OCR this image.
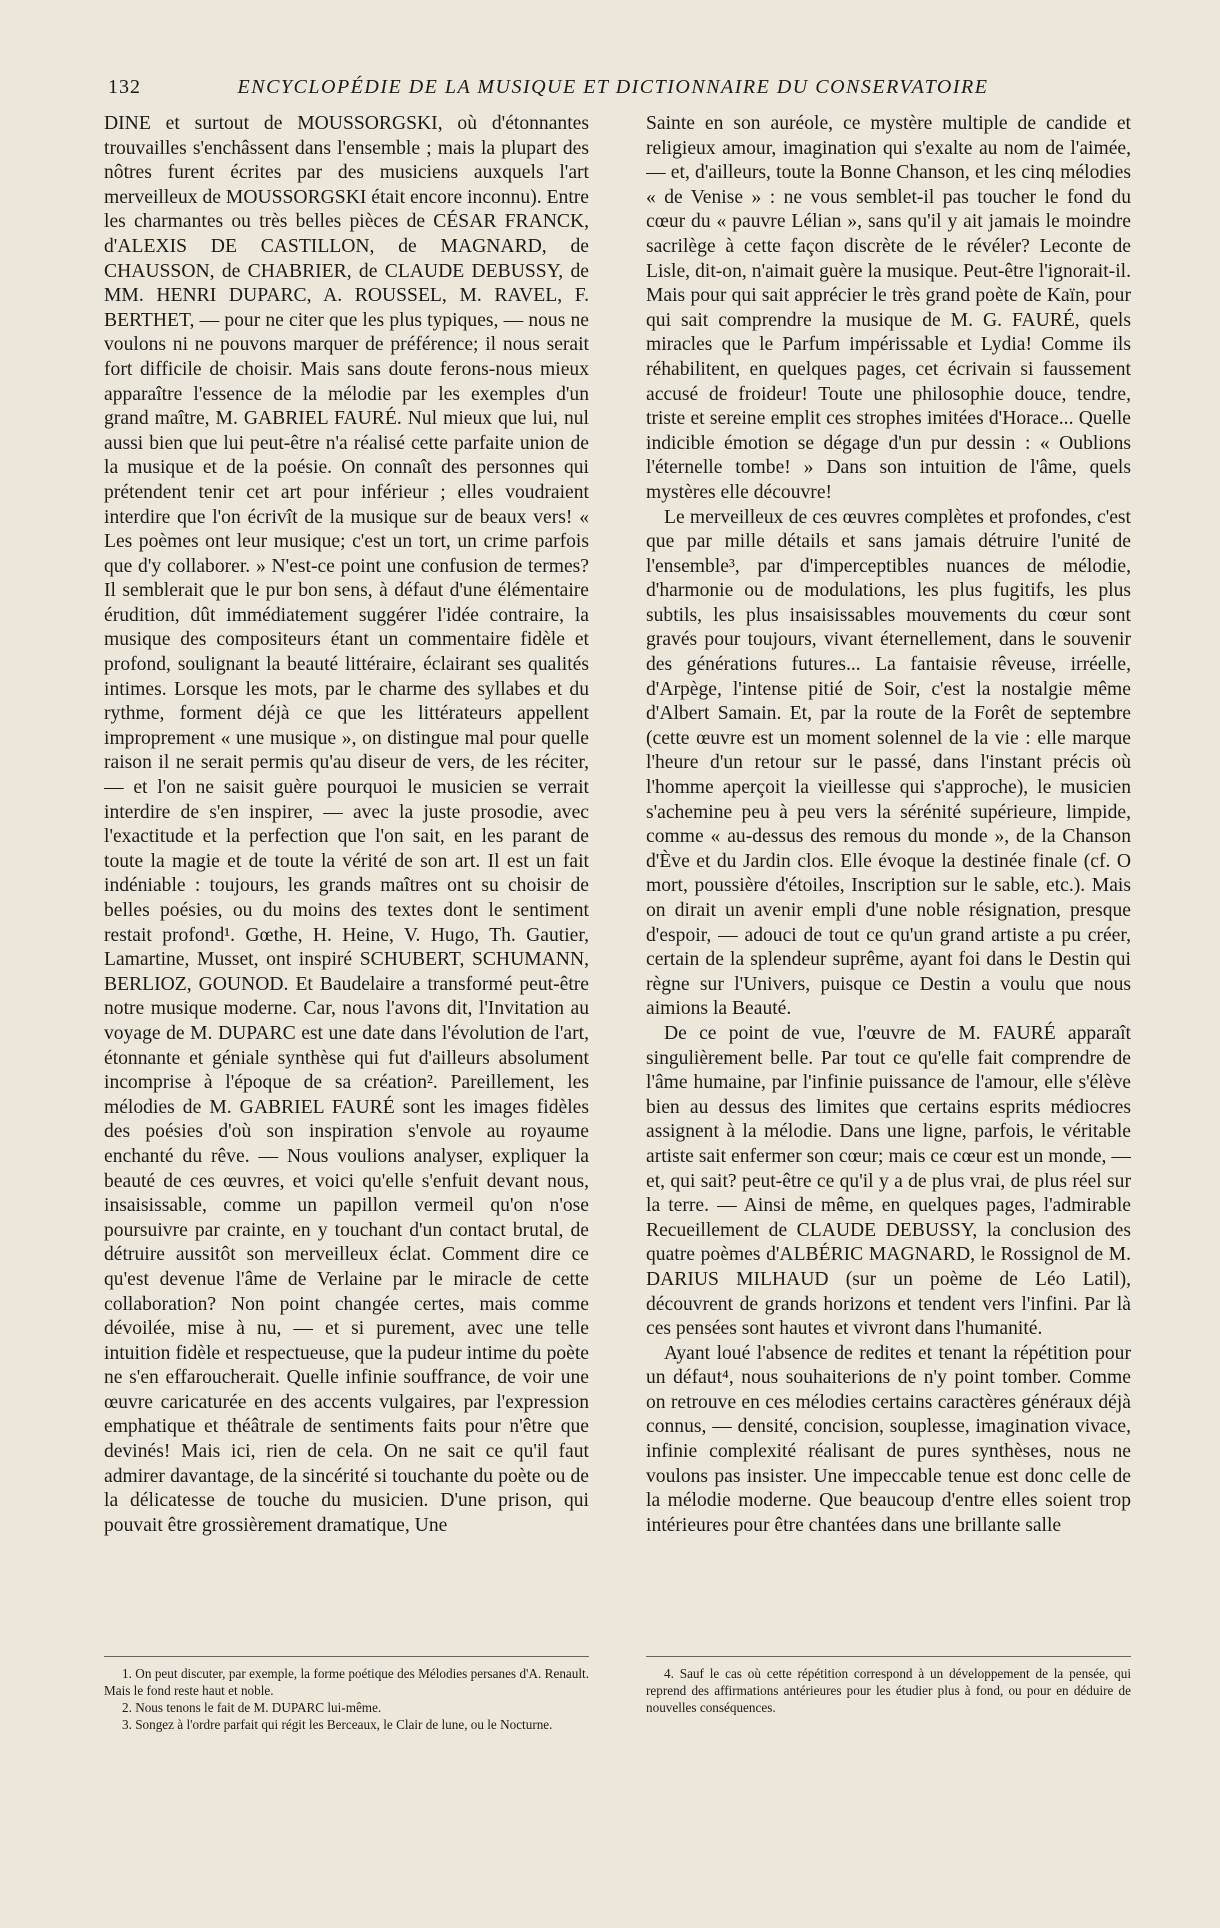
132	ENCYCLOPÉDIE DE LA MUSIQUE ET DICTIONNAIRE DU CONSERVATOIRE

DINE et surtout de MOUSSORGSKI, où d'étonnantes trouvailles s'enchâssent dans l'ensemble ; mais la plupart des nôtres furent écrites par des musiciens auxquels l'art merveilleux de MOUSSORGSKI était encore inconnu). Entre les charmantes ou très belles pièces de CÉSAR FRANCK, d'ALEXIS DE CASTILLON, de MAGNARD, de CHAUSSON, de CHABRIER, de CLAUDE DEBUSSY, de MM. HENRI DUPARC, A. ROUSSEL, M. RAVEL, F. BERTHET, — pour ne citer que les plus typiques, — nous ne voulons ni ne pouvons marquer de préférence; il nous serait fort difficile de choisir. Mais sans doute ferons-nous mieux apparaître l'essence de la mélodie par les exemples d'un grand maître, M. GABRIEL FAURÉ. Nul mieux que lui, nul aussi bien que lui peut-être n'a réalisé cette parfaite union de la musique et de la poésie. On connaît des personnes qui prétendent tenir cet art pour inférieur ; elles voudraient interdire que l'on écrivît de la musique sur de beaux vers! « Les poèmes ont leur musique; c'est un tort, un crime parfois que d'y collaborer. » N'est-ce point une confusion de termes? Il semblerait que le pur bon sens, à défaut d'une élémentaire érudition, dût immédiatement suggérer l'idée contraire, la musique des compositeurs étant un commentaire fidèle et profond, soulignant la beauté littéraire, éclairant ses qualités intimes. Lorsque les mots, par le charme des syllabes et du rythme, forment déjà ce que les littérateurs appellent improprement « une musique », on distingue mal pour quelle raison il ne serait permis qu'au diseur de vers, de les réciter, — et l'on ne saisit guère pourquoi le musicien se verrait interdire de s'en inspirer, — avec la juste prosodie, avec l'exactitude et la perfection que l'on sait, en les parant de toute la magie et de toute la vérité de son art. Il est un fait indéniable : toujours, les grands maîtres ont su choisir de belles poésies, ou du moins des textes dont le sentiment restait profond¹. Gœthe, H. Heine, V. Hugo, Th. Gautier, Lamartine, Musset, ont inspiré SCHUBERT, SCHUMANN, BERLIOZ, GOUNOD. Et Baudelaire a transformé peut-être notre musique moderne. Car, nous l'avons dit, l'Invitation au voyage de M. DUPARC est une date dans l'évolution de l'art, étonnante et géniale synthèse qui fut d'ailleurs absolument incomprise à l'époque de sa création². Pareillement, les mélodies de M. GABRIEL FAURÉ sont les images fidèles des poésies d'où son inspiration s'envole au royaume enchanté du rêve. — Nous voulions analyser, expliquer la beauté de ces œuvres, et voici qu'elle s'enfuit devant nous, insaisissable, comme un papillon vermeil qu'on n'ose poursuivre par crainte, en y touchant d'un contact brutal, de détruire aussitôt son merveilleux éclat. Comment dire ce qu'est devenue l'âme de Verlaine par le miracle de cette collaboration? Non point changée certes, mais comme dévoilée, mise à nu, — et si purement, avec une telle intuition fidèle et respectueuse, que la pudeur intime du poète ne s'en effaroucherait. Quelle infinie souffrance, de voir une œuvre caricaturée en des accents vulgaires, par l'expression emphatique et théâtrale de sentiments faits pour n'être que devinés! Mais ici, rien de cela. On ne sait ce qu'il faut admirer davantage, de la sincérité si touchante du poète ou de la délicatesse de touche du musicien. D'une prison, qui pouvait être grossièrement dramatique, Une

1. On peut discuter, par exemple, la forme poétique des Mélodies persanes d'A. Renault. Mais le fond reste haut et noble.

2. Nous tenons le fait de M. DUPARC lui-même.

3. Songez à l'ordre parfait qui régit les Berceaux, le Clair de lune, ou le Nocturne.

Sainte en son auréole, ce mystère multiple de candide et religieux amour, imagination qui s'exalte au nom de l'aimée, — et, d'ailleurs, toute la Bonne Chanson, et les cinq mélodies « de Venise » : ne vous semblet-il pas toucher le fond du cœur du « pauvre Lélian », sans qu'il y ait jamais le moindre sacrilège à cette façon discrète de le révéler? Leconte de Lisle, dit-on, n'aimait guère la musique. Peut-être l'ignorait-il. Mais pour qui sait apprécier le très grand poète de Kaïn, pour qui sait comprendre la musique de M. G. FAURÉ, quels miracles que le Parfum impérissable et Lydia! Comme ils réhabilitent, en quelques pages, cet écrivain si faussement accusé de froideur! Toute une philosophie douce, tendre, triste et sereine emplit ces strophes imitées d'Horace... Quelle indicible émotion se dégage d'un pur dessin : « Oublions l'éternelle tombe! » Dans son intuition de l'âme, quels mystères elle découvre!

Le merveilleux de ces œuvres complètes et profondes, c'est que par mille détails et sans jamais détruire l'unité de l'ensemble³, par d'imperceptibles nuances de mélodie, d'harmonie ou de modulations, les plus fugitifs, les plus subtils, les plus insaisissables mouvements du cœur sont gravés pour toujours, vivant éternellement, dans le souvenir des générations futures... La fantaisie rêveuse, irréelle, d'Arpège, l'intense pitié de Soir, c'est la nostalgie même d'Albert Samain. Et, par la route de la Forêt de septembre (cette œuvre est un moment solennel de la vie : elle marque l'heure d'un retour sur le passé, dans l'instant précis où l'homme aperçoit la vieillesse qui s'approche), le musicien s'achemine peu à peu vers la sérénité supérieure, limpide, comme « au-dessus des remous du monde », de la Chanson d'Ève et du Jardin clos. Elle évoque la destinée finale (cf. O mort, poussière d'étoiles, Inscription sur le sable, etc.). Mais on dirait un avenir empli d'une noble résignation, presque d'espoir, — adouci de tout ce qu'un grand artiste a pu créer, certain de la splendeur suprême, ayant foi dans le Destin qui règne sur l'Univers, puisque ce Destin a voulu que nous aimions la Beauté.

De ce point de vue, l'œuvre de M. FAURÉ apparaît singulièrement belle. Par tout ce qu'elle fait comprendre de l'âme humaine, par l'infinie puissance de l'amour, elle s'élève bien au dessus des limites que certains esprits médiocres assignent à la mélodie. Dans une ligne, parfois, le véritable artiste sait enfermer son cœur; mais ce cœur est un monde, — et, qui sait? peut-être ce qu'il y a de plus vrai, de plus réel sur la terre. — Ainsi de même, en quelques pages, l'admirable Recueillement de CLAUDE DEBUSSY, la conclusion des quatre poèmes d'ALBÉRIC MAGNARD, le Rossignol de M. DARIUS MILHAUD (sur un poème de Léo Latil), découvrent de grands horizons et tendent vers l'infini. Par là ces pensées sont hautes et vivront dans l'humanité.

Ayant loué l'absence de redites et tenant la répétition pour un défaut⁴, nous souhaiterions de n'y point tomber. Comme on retrouve en ces mélodies certains caractères généraux déjà connus, — densité, concision, souplesse, imagination vivace, infinie complexité réalisant de pures synthèses, nous ne voulons pas insister. Une impeccable tenue est donc celle de la mélodie moderne. Que beaucoup d'entre elles soient trop intérieures pour être chantées dans une brillante salle

4. Sauf le cas où cette répétition correspond à un développement de la pensée, qui reprend des affirmations antérieures pour les étudier plus à fond, ou pour en déduire de nouvelles conséquences.
